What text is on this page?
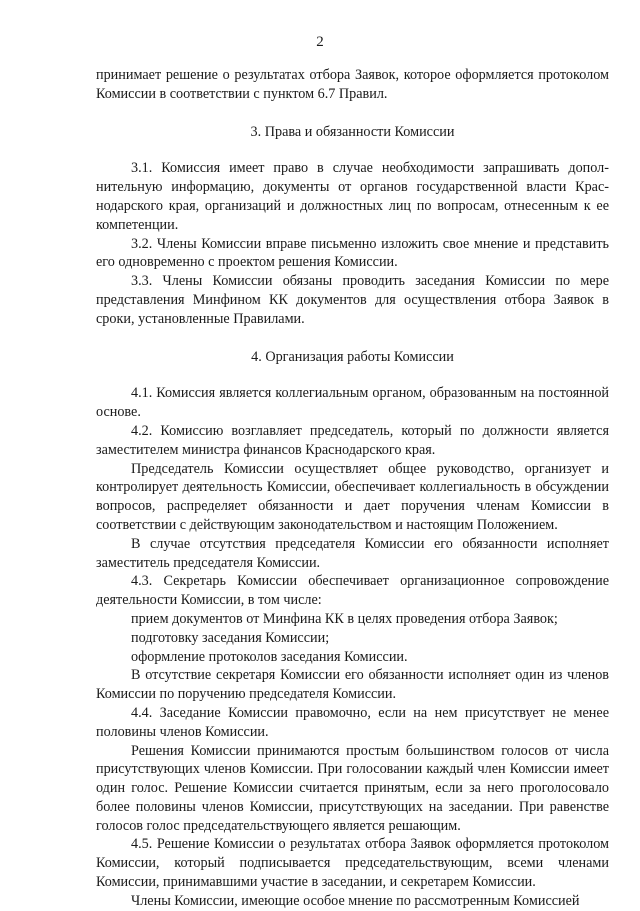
2

принимает решение о результатах отбора Заявок, которое оформляется протоколом Комиссии в соответствии с пунктом 6.7 Правил.

3. Права и обязанности Комиссии

3.1. Комиссия имеет право в случае необходимости запрашивать дополнительную информацию, документы от органов государственной власти Краснодарского края, организаций и должностных лиц по вопросам, отнесенным к ее компетенции.

3.2. Члены Комиссии вправе письменно изложить свое мнение и представить его одновременно с проектом решения Комиссии.

3.3. Члены Комиссии обязаны проводить заседания Комиссии по мере представления Минфином КК документов для осуществления отбора Заявок в сроки, установленные Правилами.

4. Организация работы Комиссии

4.1. Комиссия является коллегиальным органом, образованным на постоянной основе.

4.2. Комиссию возглавляет председатель, который по должности является заместителем министра финансов Краснодарского края.

Председатель Комиссии осуществляет общее руководство, организует и контролирует деятельность Комиссии, обеспечивает коллегиальность в обсуждении вопросов, распределяет обязанности и дает поручения членам Комиссии в соответствии с действующим законодательством и настоящим Положением.

В случае отсутствия председателя Комиссии его обязанности исполняет заместитель председателя Комиссии.

4.3. Секретарь Комиссии обеспечивает организационное сопровождение деятельности Комиссии, в том числе:

прием документов от Минфина КК в целях проведения отбора Заявок;

подготовку заседания Комиссии;

оформление протоколов заседания Комиссии.

В отсутствие секретаря Комиссии его обязанности исполняет один из членов Комиссии по поручению председателя Комиссии.

4.4. Заседание Комиссии правомочно, если на нем присутствует не менее половины членов Комиссии.

Решения Комиссии принимаются простым большинством голосов от числа присутствующих членов Комиссии. При голосовании каждый член Комиссии имеет один голос. Решение Комиссии считается принятым, если за него проголосовало более половины членов Комиссии, присутствующих на заседании. При равенстве голосов голос председательствующего является решающим.

4.5. Решение Комиссии о результатах отбора Заявок оформляется протоколом Комиссии, который подписывается председательствующим, всеми членами Комиссии, принимавшими участие в заседании, и секретарем Комиссии.

Члены Комиссии, имеющие особое мнение по рассмотренным Комиссией
